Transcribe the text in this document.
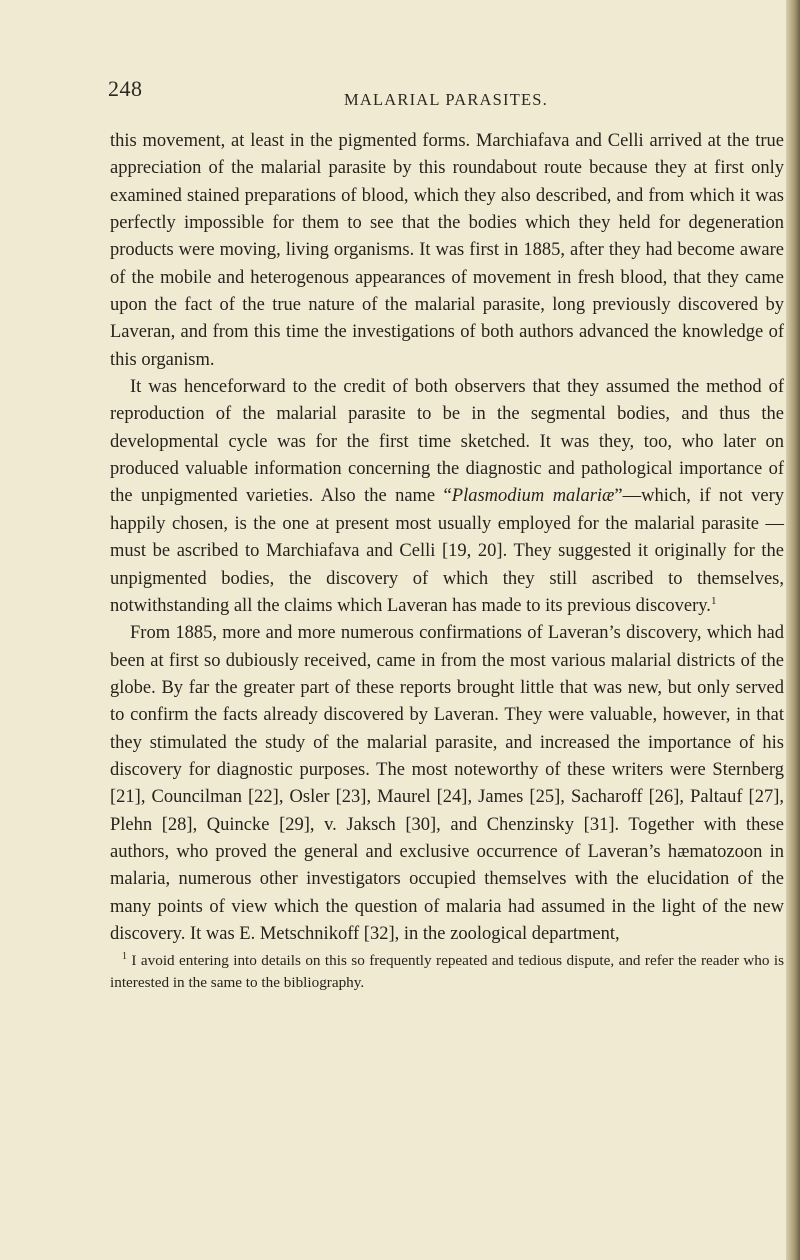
248	MALARIAL PARASITES.

this movement, at least in the pigmented forms. Marchiafava and Celli arrived at the true appreciation of the malarial parasite by this roundabout route because they at first only examined stained preparations of blood, which they also described, and from which it was perfectly impossible for them to see that the bodies which they held for degeneration products were moving, living organisms. It was first in 1885, after they had become aware of the mobile and heterogenous appearances of movement in fresh blood, that they came upon the fact of the true nature of the malarial parasite, long previously discovered by Laveran, and from this time the investigations of both authors advanced the knowledge of this organism.

It was henceforward to the credit of both observers that they assumed the method of reproduction of the malarial parasite to be in the segmental bodies, and thus the developmental cycle was for the first time sketched. It was they, too, who later on produced valuable information concerning the diagnostic and pathological importance of the unpigmented varieties. Also the name “Plasmodium malariæ”—which, if not very happily chosen, is the one at present most usually employed for the malarial parasite —must be ascribed to Marchiafava and Celli [19, 20]. They suggested it originally for the unpigmented bodies, the discovery of which they still ascribed to themselves, notwithstanding all the claims which Laveran has made to its previous discovery.$^1$

From 1885, more and more numerous confirmations of Laveran’s discovery, which had been at first so dubiously received, came in from the most various malarial districts of the globe. By far the greater part of these reports brought little that was new, but only served to confirm the facts already discovered by Laveran. They were valuable, however, in that they stimulated the study of the malarial parasite, and increased the importance of his discovery for diagnostic purposes. The most noteworthy of these writers were Sternberg [21], Councilman [22], Osler [23], Maurel [24], James [25], Sacharoff [26], Paltauf [27], Plehn [28], Quincke [29], v. Jaksch [30], and Chenzinsky [31]. Together with these authors, who proved the general and exclusive occurrence of Laveran’s hæmatozoon in malaria, numerous other investigators occupied themselves with the elucidation of the many points of view which the question of malaria had assumed in the light of the new discovery. It was E. Metschnikoff [32], in the zoological department,

$^1$ I avoid entering into details on this so frequently repeated and tedious dispute, and refer the reader who is interested in the same to the bibliography.
